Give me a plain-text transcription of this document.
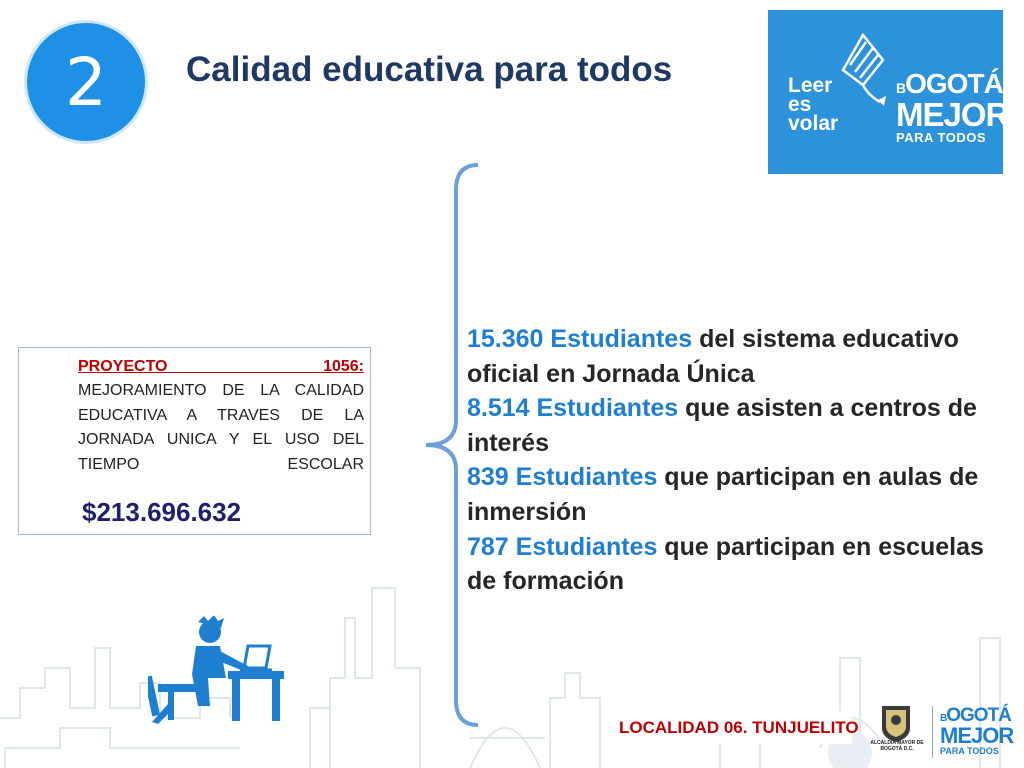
2 Calidad educativa para todos	Leer
es
volar
BOGOTÁ
MEJOR
PARA TODOS
PROYECTO 1056:
MEJORAMIENTO DE LA CALIDAD EDUCATIVA A TRAVES DE LA JORNADA UNICA Y EL USO DEL TIEMPO ESCOLAR
$213.696.632
15.360 Estudiantes del sistema educativo oficial en Jornada Única
8.514 Estudiantes que asisten a centros de interés
839 Estudiantes que participan en aulas de inmersión
787 Estudiantes que participan en escuelas de formación
LOCALIDAD 06. TUNJUELITO
ALCALDÍA MAYOR DE BOGOTÁ D.C.
BOGOTÁ
MEJOR
PARA TODOS
